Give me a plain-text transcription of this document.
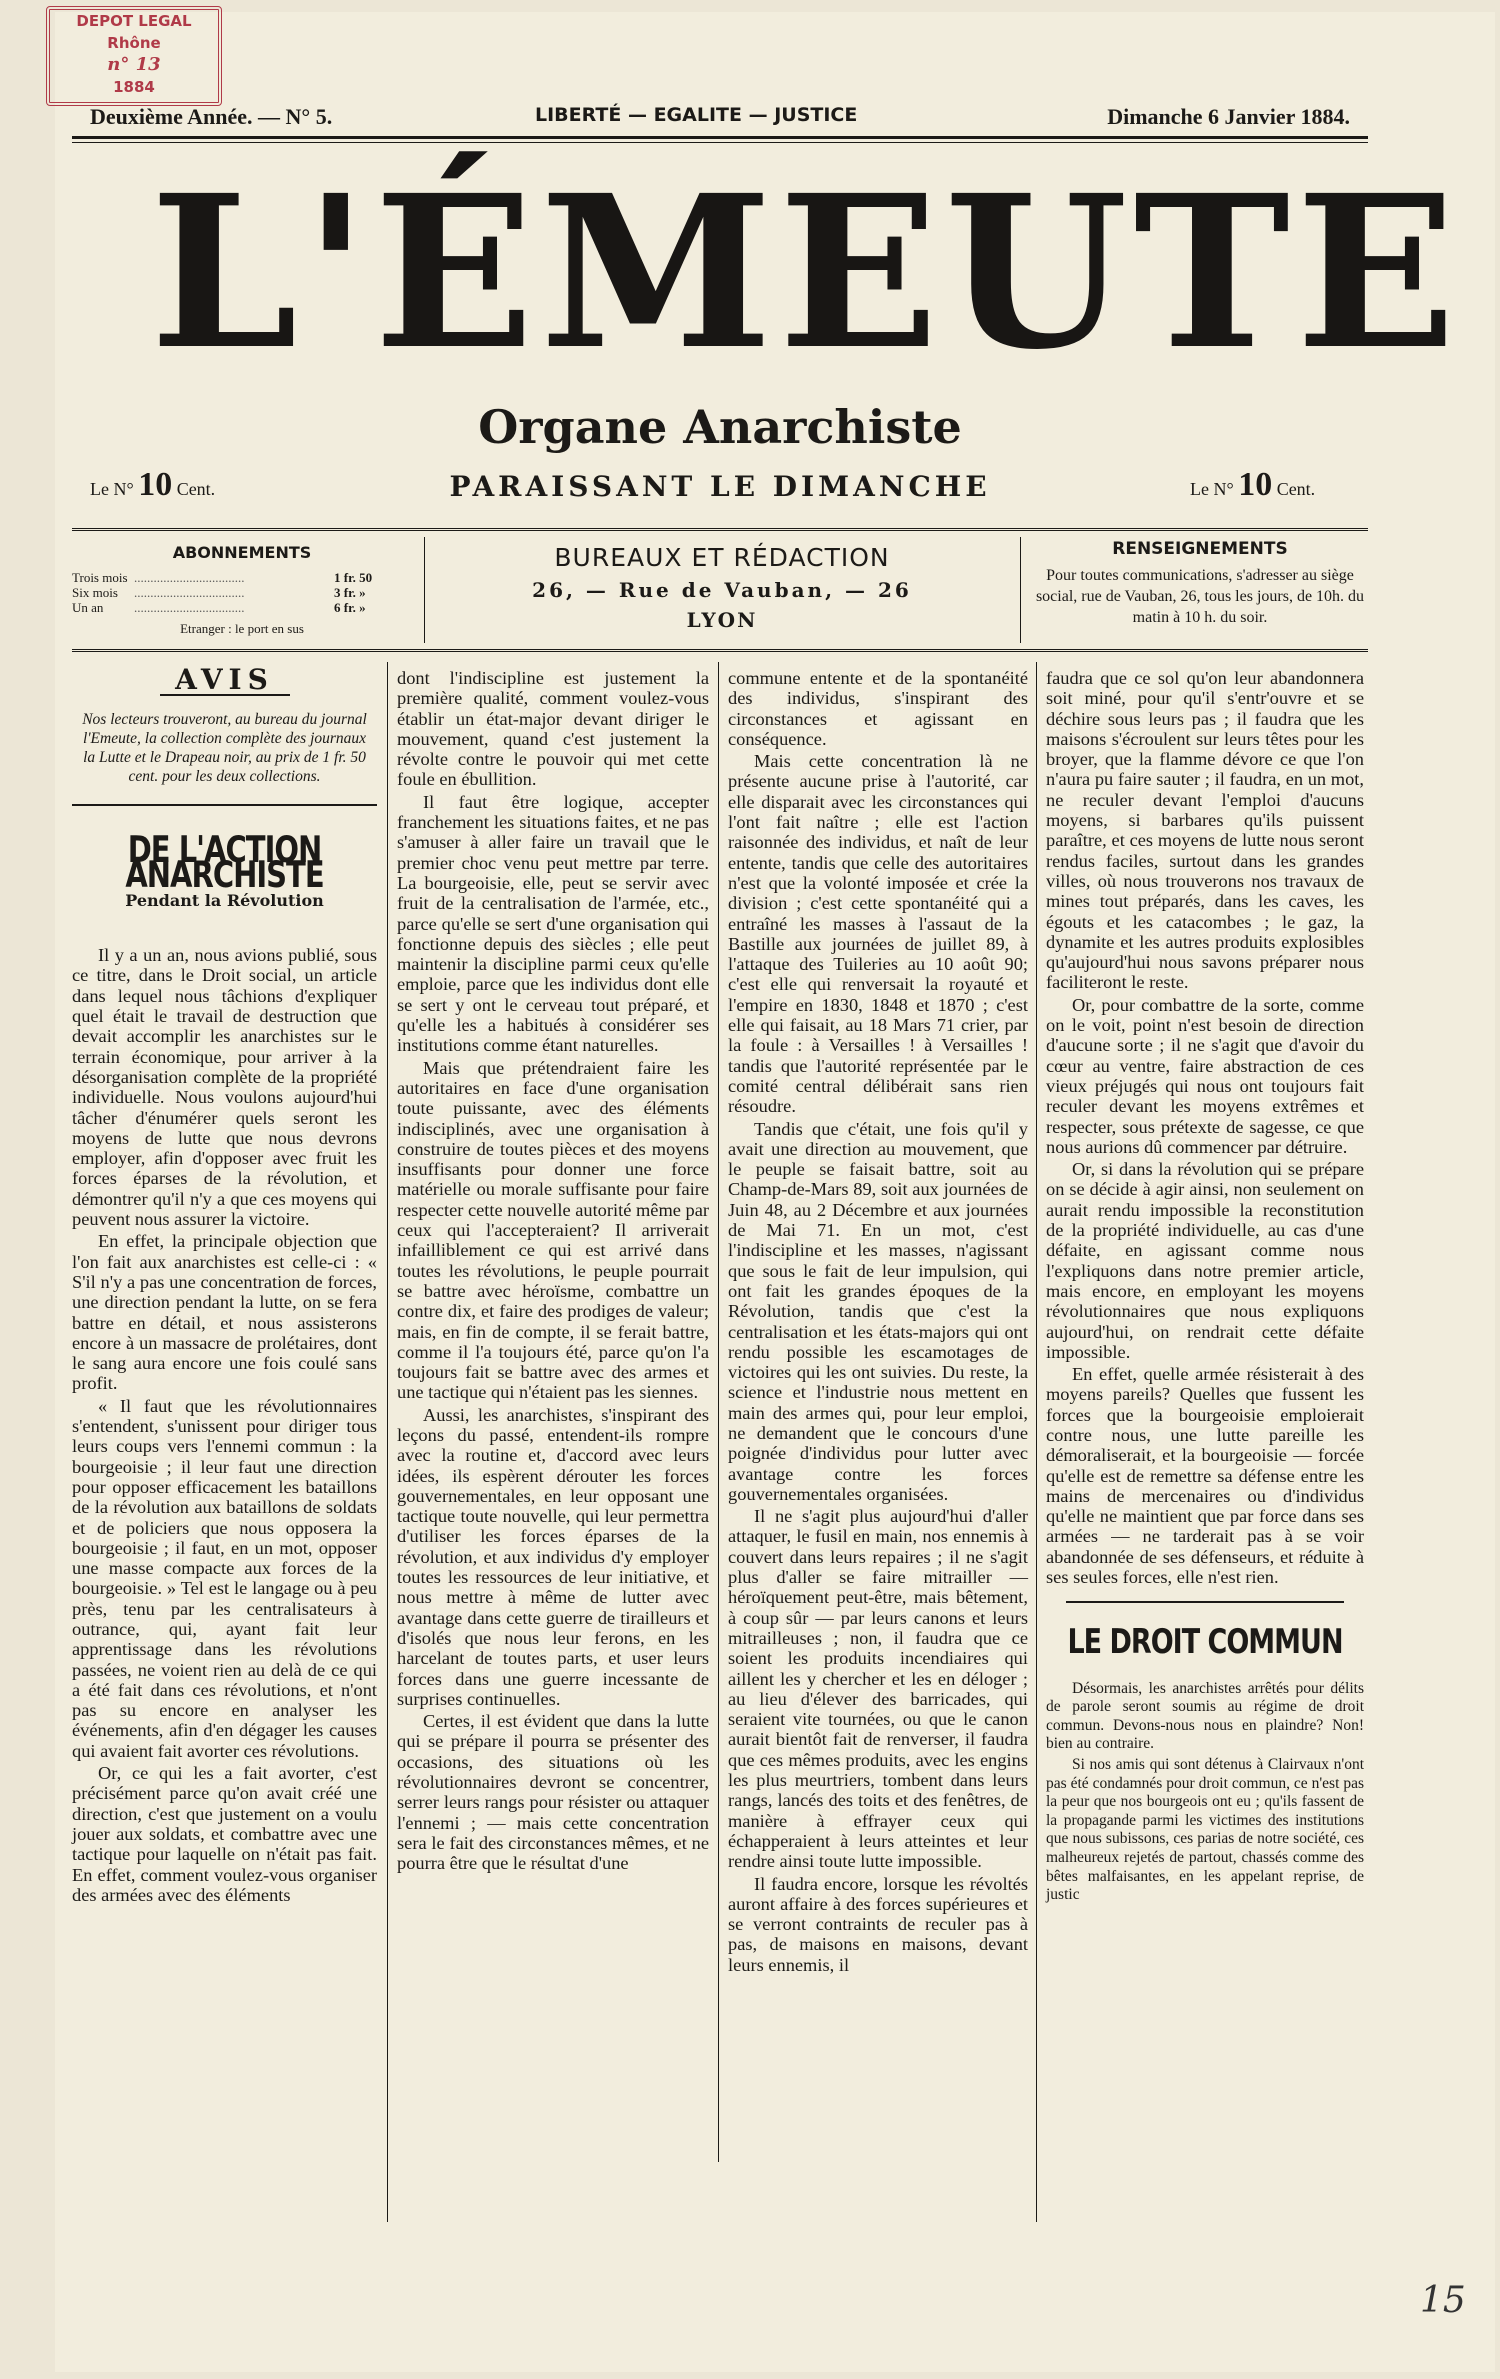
DEPOT LEGAL
Rhône
n° 13
1884
Deuxième Année. — N° 5.	LIBERTÉ — EGALITE — JUSTICE	Dimanche 6 Janvier 1884.
L'ÉMEUTE
Organe Anarchiste
Le N° 10 Cent.	PARAISSANT LE DIMANCHE	Le N° 10 Cent.
ABONNEMENTS
Trois mois ..................................	1 fr. 50
Six mois ..................................	3 fr. »
Un an ..................................	6 fr. »
Etranger : le port en sus
BUREAUX ET RÉDACTION
26, — Rue de Vauban, — 26
LYON
RENSEIGNEMENTS
Pour toutes communications, s'adresser au siège social, rue de Vauban, 26, tous les jours, de 10h. du matin à 10 h. du soir.
AVIS
Nos lecteurs trouveront, au bureau du journal l'Emeute, la collection complète des journaux la Lutte et le Drapeau noir, au prix de 1 fr. 50 cent. pour les deux collections.
DE L'ACTION ANARCHISTE
Pendant la Révolution

Il y a un an, nous avions publié, sous ce titre, dans le Droit social, un article dans lequel nous tâchions d'expliquer quel était le travail de destruction que devait accomplir les anarchistes sur le terrain économique, pour arriver à la désorganisation complète de la propriété individuelle. Nous voulons aujourd'hui tâcher d'énumérer quels seront les moyens de lutte que nous devrons employer, afin d'opposer avec fruit les forces éparses de la révolution, et démontrer qu'il n'y a que ces moyens qui peuvent nous assurer la victoire.

En effet, la principale objection que l'on fait aux anarchistes est celle-ci : « S'il n'y a pas une concentration de forces, une direction pendant la lutte, on se fera battre en détail, et nous assisterons encore à un massacre de prolétaires, dont le sang aura encore une fois coulé sans profit.

« Il faut que les révolutionnaires s'entendent, s'unissent pour diriger tous leurs coups vers l'ennemi commun : la bourgeoisie ; il leur faut une direction pour opposer efficacement les bataillons de la révolution aux bataillons de soldats et de policiers que nous opposera la bourgeoisie ; il faut, en un mot, opposer une masse compacte aux forces de la bourgeoisie. » Tel est le langage ou à peu près, tenu par les centralisateurs à outrance, qui, ayant fait leur apprentissage dans les révolutions passées, ne voient rien au delà de ce qui a été fait dans ces révolutions, et n'ont pas su encore en analyser les événements, afin d'en dégager les causes qui avaient fait avorter ces révolutions.

Or, ce qui les a fait avorter, c'est précisément parce qu'on avait créé une direction, c'est que justement on a voulu jouer aux soldats, et combattre avec une tactique pour laquelle on n'était pas fait. En effet, comment voulez-vous organiser des armées avec des éléments

dont l'indiscipline est justement la première qualité, comment voulez-vous établir un état-major devant diriger le mouvement, quand c'est justement la révolte contre le pouvoir qui met cette foule en ébullition.

Il faut être logique, accepter franchement les situations faites, et ne pas s'amuser à aller faire un travail que le premier choc venu peut mettre par terre. La bourgeoisie, elle, peut se servir avec fruit de la centralisation de l'armée, etc., parce qu'elle se sert d'une organisation qui fonctionne depuis des siècles ; elle peut maintenir la discipline parmi ceux qu'elle emploie, parce que les individus dont elle se sert y ont le cerveau tout préparé, et qu'elle les a habitués à considérer ses institutions comme étant naturelles.

Mais que prétendraient faire les autoritaires en face d'une organisation toute puissante, avec des éléments indisciplinés, avec une organisation à construire de toutes pièces et des moyens insuffisants pour donner une force matérielle ou morale suffisante pour faire respecter cette nouvelle autorité même par ceux qui l'accepteraient? Il arriverait infailliblement ce qui est arrivé dans toutes les révolutions, le peuple pourrait se battre avec héroïsme, combattre un contre dix, et faire des prodiges de valeur; mais, en fin de compte, il se ferait battre, comme il l'a toujours été, parce qu'on l'a toujours fait se battre avec des armes et une tactique qui n'étaient pas les siennes.

Aussi, les anarchistes, s'inspirant des leçons du passé, entendent-ils rompre avec la routine et, d'accord avec leurs idées, ils espèrent dérouter les forces gouvernementales, en leur opposant une tactique toute nouvelle, qui leur permettra d'utiliser les forces éparses de la révolution, et aux individus d'y employer toutes les ressources de leur initiative, et nous mettre à même de lutter avec avantage dans cette guerre de tirailleurs et d'isolés que nous leur ferons, en les harcelant de toutes parts, et user leurs forces dans une guerre incessante de surprises continuelles.

Certes, il est évident que dans la lutte qui se prépare il pourra se présenter des occasions, des situations où les révolutionnaires devront se concentrer, serrer leurs rangs pour résister ou attaquer l'ennemi ; — mais cette concentration sera le fait des circonstances mêmes, et ne pourra être que le résultat d'une

commune entente et de la spontanéité des individus, s'inspirant des circonstances et agissant en conséquence.

Mais cette concentration là ne présente aucune prise à l'autorité, car elle disparait avec les circonstances qui l'ont fait naître ; elle est l'action raisonnée des individus, et naît de leur entente, tandis que celle des autoritaires n'est que la volonté imposée et crée la division ; c'est cette spontanéité qui a entraîné les masses à l'assaut de la Bastille aux journées de juillet 89, à l'attaque des Tuileries au 10 août 90; c'est elle qui renversait la royauté et l'empire en 1830, 1848 et 1870 ; c'est elle qui faisait, au 18 Mars 71 crier, par la foule : à Versailles ! à Versailles ! tandis que l'autorité représentée par le comité central délibérait sans rien résoudre.

Tandis que c'était, une fois qu'il y avait une direction au mouvement, que le peuple se faisait battre, soit au Champ-de-Mars 89, soit aux journées de Juin 48, au 2 Décembre et aux journées de Mai 71. En un mot, c'est l'indiscipline et les masses, n'agissant que sous le fait de leur impulsion, qui ont fait les grandes époques de la Révolution, tandis que c'est la centralisation et les états-majors qui ont rendu possible les escamotages de victoires qui les ont suivies. Du reste, la science et l'industrie nous mettent en main des armes qui, pour leur emploi, ne demandent que le concours d'une poignée d'individus pour lutter avec avantage contre les forces gouvernementales organisées.

Il ne s'agit plus aujourd'hui d'aller attaquer, le fusil en main, nos ennemis à couvert dans leurs repaires ; il ne s'agit plus d'aller se faire mitrailler — héroïquement peut-être, mais bêtement, à coup sûr — par leurs canons et leurs mitrailleuses ; non, il faudra que ce soient les produits incendiaires qui aillent les y chercher et les en déloger ; au lieu d'élever des barricades, qui seraient vite tournées, ou que le canon aurait bientôt fait de renverser, il faudra que ces mêmes produits, avec les engins les plus meurtriers, tombent dans leurs rangs, lancés des toits et des fenêtres, de manière à effrayer ceux qui échapperaient à leurs atteintes et leur rendre ainsi toute lutte impossible.

Il faudra encore, lorsque les révoltés auront affaire à des forces supérieures et se verront contraints de reculer pas à pas, de maisons en maisons, devant leurs ennemis, il

faudra que ce sol qu'on leur abandonnera soit miné, pour qu'il s'entr'ouvre et se déchire sous leurs pas ; il faudra que les maisons s'écroulent sur leurs têtes pour les broyer, que la flamme dévore ce que l'on n'aura pu faire sauter ; il faudra, en un mot, ne reculer devant l'emploi d'aucuns moyens, si barbares qu'ils puissent paraître, et ces moyens de lutte nous seront rendus faciles, surtout dans les grandes villes, où nous trouverons nos travaux de mines tout préparés, dans les caves, les égouts et les catacombes ; le gaz, la dynamite et les autres produits explosibles qu'aujourd'hui nous savons préparer nous faciliteront le reste.

Or, pour combattre de la sorte, comme on le voit, point n'est besoin de direction d'aucune sorte ; il ne s'agit que d'avoir du cœur au ventre, faire abstraction de ces vieux préjugés qui nous ont toujours fait reculer devant les moyens extrêmes et respecter, sous prétexte de sagesse, ce que nous aurions dû commencer par détruire.

Or, si dans la révolution qui se prépare on se décide à agir ainsi, non seulement on aurait rendu impossible la reconstitution de la propriété individuelle, au cas d'une défaite, en agissant comme nous l'expliquons dans notre premier article, mais encore, en employant les moyens révolutionnaires que nous expliquons aujourd'hui, on rendrait cette défaite impossible.

En effet, quelle armée résisterait à des moyens pareils? Quelles que fussent les forces que la bourgeoisie emploierait contre nous, une lutte pareille les démoraliserait, et la bourgeoisie — forcée qu'elle est de remettre sa défense entre les mains de mercenaires ou d'individus qu'elle ne maintient que par force dans ses armées — ne tarderait pas à se voir abandonnée de ses défenseurs, et réduite à ses seules forces, elle n'est rien.

LE DROIT COMMUN

Désormais, les anarchistes arrêtés pour délits de parole seront soumis au régime de droit commun. Devons-nous nous en plaindre? Non! bien au contraire.

Si nos amis qui sont détenus à Clairvaux n'ont pas été condamnés pour droit commun, ce n'est pas la peur que nos bourgeois ont eu ; qu'ils fassent de la propagande parmi les victimes des institutions que nous subissons, ces parias de notre société, ces malheureux rejetés de partout, chassés comme des bêtes malfaisantes, en les appelant reprise, de justic

15
